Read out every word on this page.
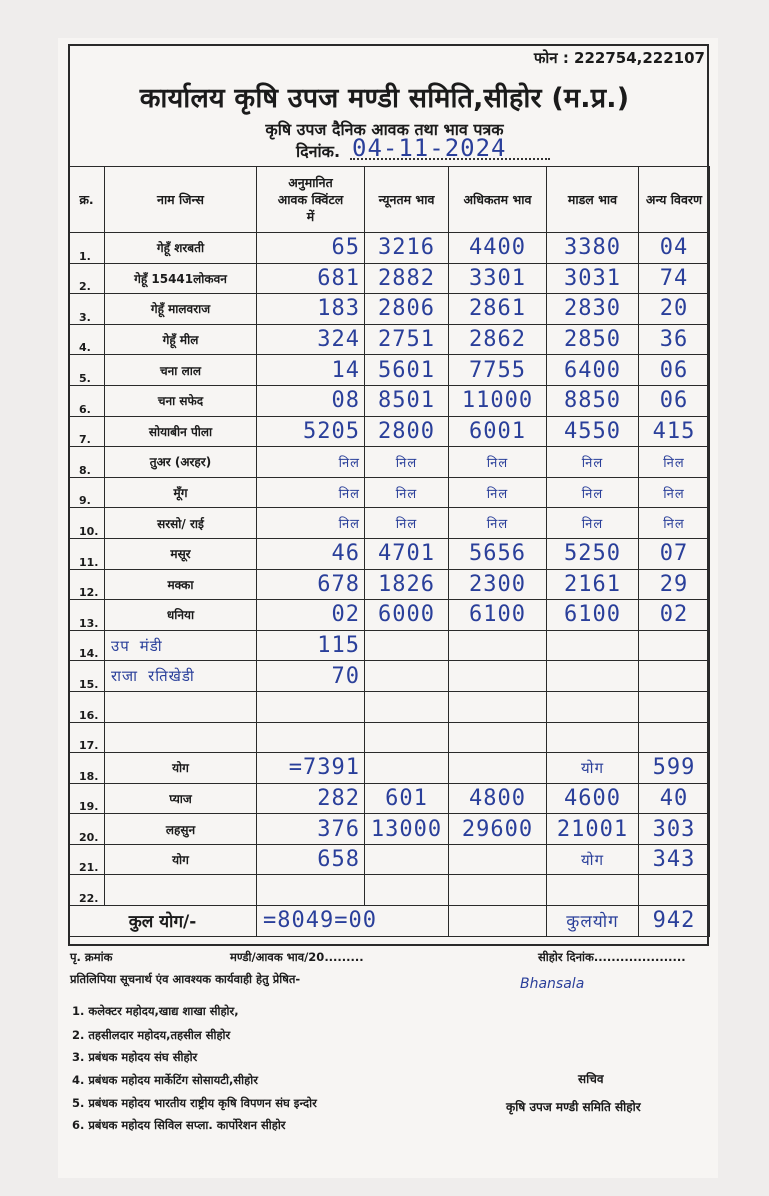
फोन : 222754,222107
कार्यालय कृषि उपज मण्डी समिति,सीहोर (म.प्र.)
कृषि उपज दैनिक आवक तथा भाव पत्रक
दिनांक. 04-11-2024
क्र.	नाम जिन्स	अनुमानित आवक क्विंटल में	न्यूनतम भाव	अधिकतम भाव	माडल भाव	अन्य विवरण
1.	गेहूँ शरबती	65	3216	4400	3380	04
2.	गेहूँ 15441लोकवन	681	2882	3301	3031	74
3.	गेहूँ मालवराज	183	2806	2861	2830	20
4.	गेहूँ मील	324	2751	2862	2850	36
5.	चना लाल	14	5601	7755	6400	06
6.	चना सफेद	08	8501	11000	8850	06
7.	सोयाबीन पीला	5205	2800	6001	4550	415
8.	तुअर (अरहर)	निल	निल	निल	निल	निल
9.	मूँग	निल	निल	निल	निल	निल
10.	सरसो/ राई	निल	निल	निल	निल	निल
11.	मसूर	46	4701	5656	5250	07
12.	मक्का	678	1826	2300	2161	29
13.	धनिया	02	6000	6100	6100	02
14.	उप मंडी	115				
15.	राजा रतिखेडी	70				
16.						
17.						
18.	योग	=7391			योग	599
19.	प्याज	282	601	4800	4600	40
20.	लहसुन	376	13000	29600	21001	303
21.	योग	658			योग	343
22.						
कुल योग/-		=8049=00			कुलयोग	942
पृ. क्रमांक	मण्डी/आवक भाव/20.........	सीहोर दिनांक.....................
प्रतिलिपिया सूचनार्थ एंव आवश्यक कार्यवाही हेतु प्रेषित-	Bhansala
1. कलेक्टर महोदय,खाद्य शाखा सीहोर,
2. तहसीलदार महोदय,तहसील सीहोर
3. प्रबंधक महोदय संघ सीहोर
4. प्रबंधक महोदय मार्केटिंग सोसायटी,सीहोर
5. प्रबंधक महोदय भारतीय राष्ट्रीय कृषि विपणन संघ इन्दोर
6. प्रबंधक महोदय सिविल सप्ला. कार्पोरेशन सीहोर
सचिव
कृषि उपज मण्डी समिति सीहोर
